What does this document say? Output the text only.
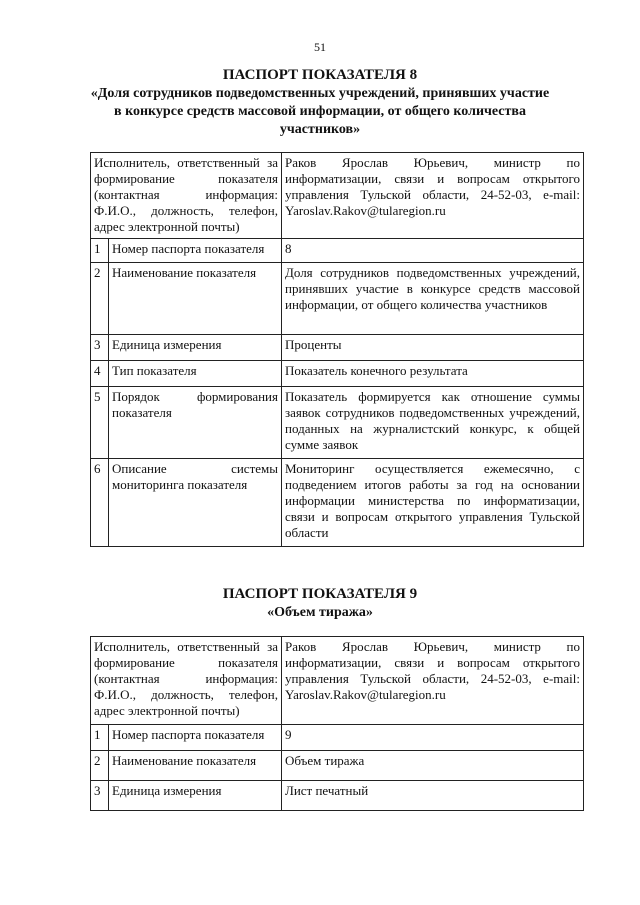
51
ПАСПОРТ ПОКАЗАТЕЛЯ 8
«Доля сотрудников подведомственных учреждений, принявших участие в конкурсе средств массовой информации, от общего количества участников»
Исполнитель, ответственный за формирование показателя (контактная информация: Ф.И.О., должность, телефон, адрес электронной почты)		Раков Ярослав Юрьевич, министр по информатизации, связи и вопросам открытого управления Тульской области, 24-52-03, e-mail: Yaroslav.Rakov@tularegion.ru
1	Номер паспорта показателя	8
2	Наименование показателя	Доля сотрудников подведомственных учреждений, принявших участие в конкурсе средств массовой информации, от общего количества участников
3	Единица измерения	Проценты
4	Тип показателя	Показатель конечного результата
5	Порядок формирования показателя	Показатель формируется как отношение суммы заявок сотрудников подведомственных учреждений, поданных на журналистский конкурс, к общей сумме заявок
6	Описание системы мониторинга показателя	Мониторинг осуществляется ежемесячно, с подведением итогов работы за год на основании информации министерства по информатизации, связи и вопросам открытого управления Тульской области
ПАСПОРТ ПОКАЗАТЕЛЯ 9
«Объем тиража»
Исполнитель, ответственный за формирование показателя (контактная информация: Ф.И.О., должность, телефон, адрес электронной почты)		Раков Ярослав Юрьевич, министр по информатизации, связи и вопросам открытого управления Тульской области, 24-52-03, e-mail: Yaroslav.Rakov@tularegion.ru
1	Номер паспорта показателя	9
2	Наименование показателя	Объем тиража
3	Единица измерения	Лист печатный
